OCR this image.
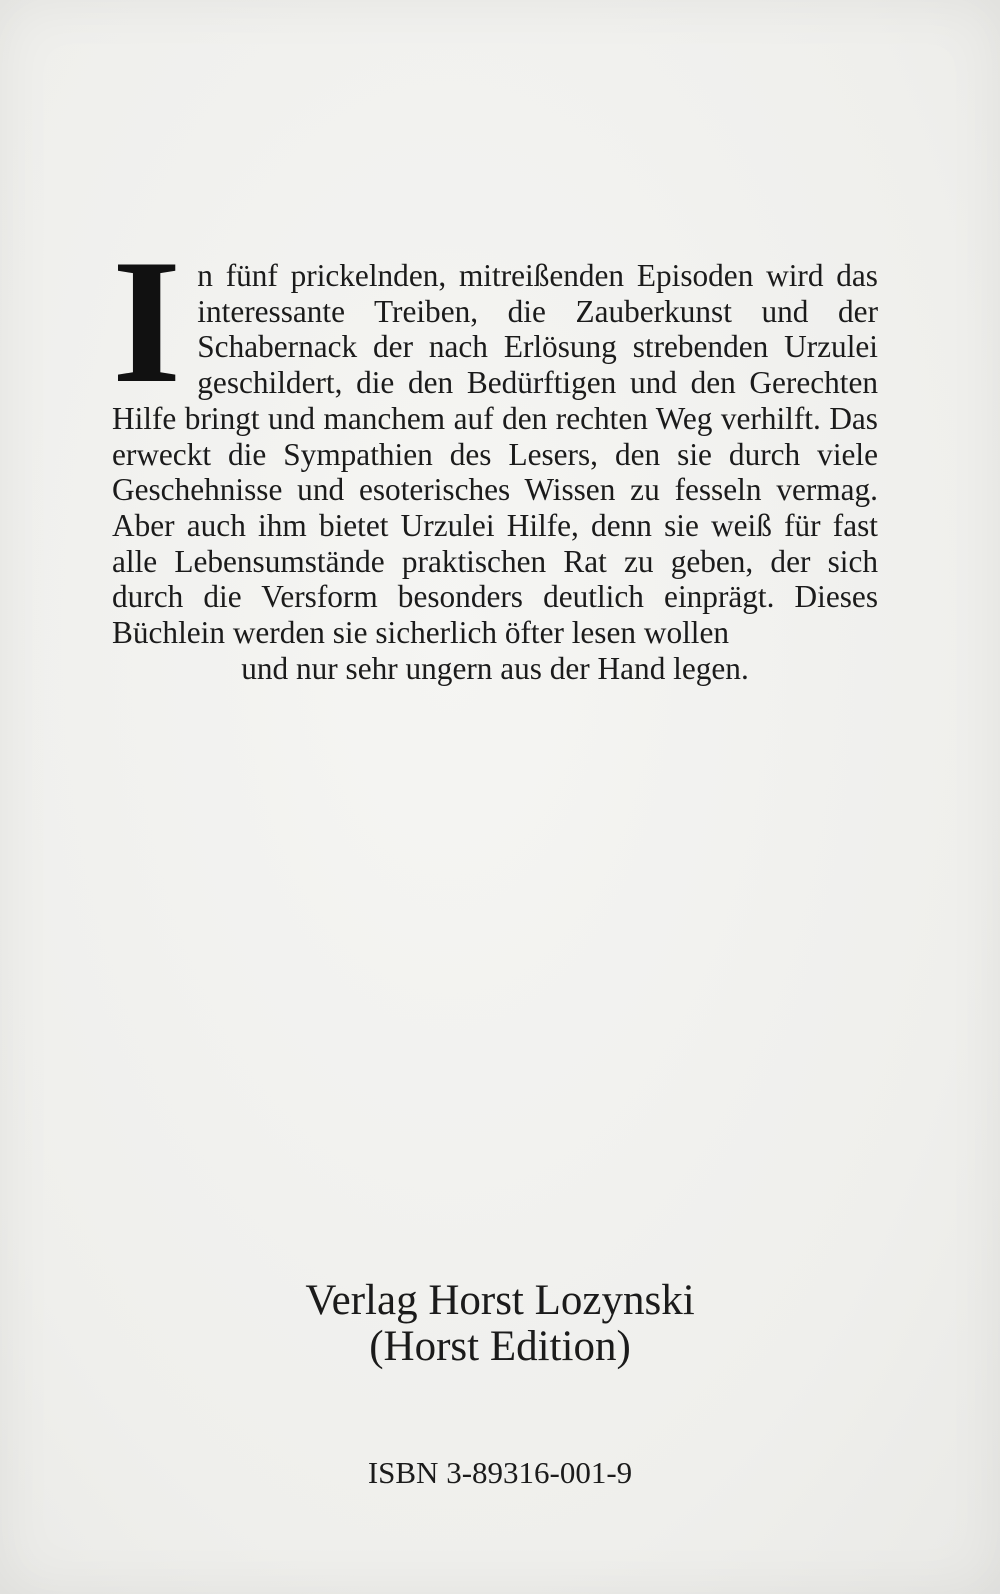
In fünf prickelnden, mitreißenden Episoden wird das interessante Treiben, die Zauberkunst und der Schabernack der nach Erlösung strebenden Urzulei geschildert, die den Bedürftigen und den Gerechten Hilfe bringt und manchem auf den rechten Weg verhilft. Das erweckt die Sympathien des Lesers, den sie durch viele Geschehnisse und esoterisches Wissen zu fesseln vermag. Aber auch ihm bietet Urzulei Hilfe, denn sie weiß für fast alle Lebensumstände praktischen Rat zu geben, der sich durch die Versform besonders deutlich einprägt. Dieses Büchlein werden sie sicherlich öfter lesen wollen
und nur sehr ungern aus der Hand legen.
Verlag Horst Lozynski
(Horst Edition)
ISBN 3-89316-001-9
